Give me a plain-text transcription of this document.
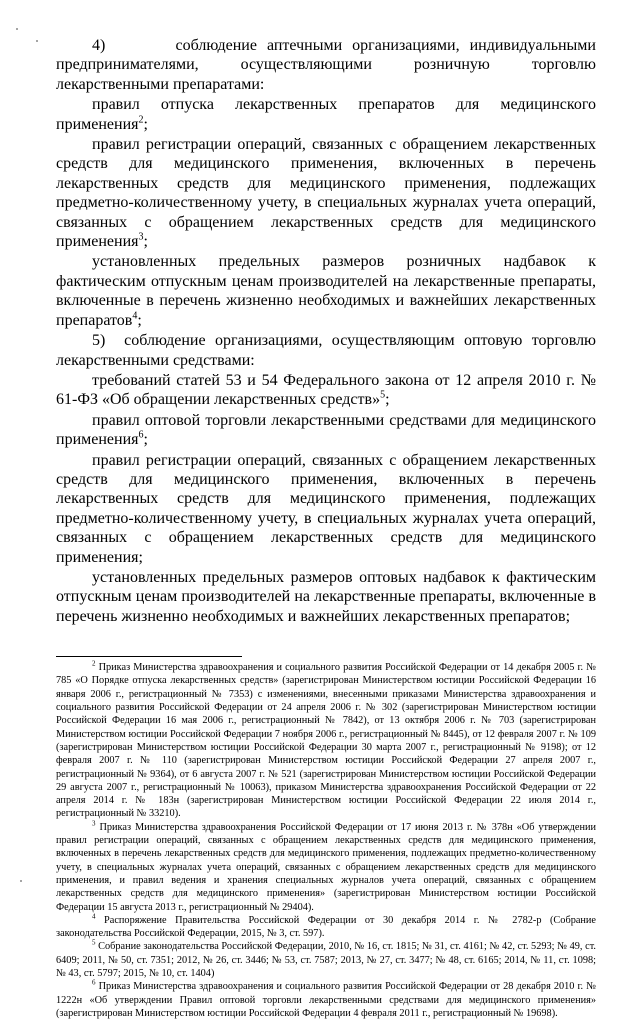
4)       соблюдение аптечными организациями, индивидуальными предпринимателями, осуществляющими розничную торговлю лекарственными препаратами:

правил отпуска лекарственных препаратов для медицинского применения$^2$;

правил регистрации операций, связанных с обращением лекарственных средств для медицинского применения, включенных в перечень лекарственных средств для медицинского применения, подлежащих предметно-количественному учету, в специальных журналах учета операций, связанных с обращением лекарственных средств для медицинского применения$^3$;

установленных предельных размеров розничных надбавок к фактическим отпускным ценам производителей на лекарственные препараты, включенные в перечень жизненно необходимых и важнейших лекарственных препаратов$^4$;

5)  соблюдение организациями, осуществляющим оптовую торговлю лекарственными средствами:

требований статей 53 и 54 Федерального закона от 12 апреля 2010 г. № 61-ФЗ «Об обращении лекарственных средств»$^5$;

правил оптовой торговли лекарственными средствами для медицинского применения$^6$;

правил регистрации операций, связанных с обращением лекарственных средств для медицинского применения, включенных в перечень лекарственных средств для медицинского применения, подлежащих предметно-количественному учету, в специальных журналах учета операций, связанных с обращением лекарственных средств для медицинского применения;

установленных предельных размеров оптовых надбавок к фактическим отпускным ценам производителей на лекарственные препараты, включенные в перечень жизненно необходимых и важнейших лекарственных препаратов;

$^2$ Приказ Министерства здравоохранения и социального развития Российской Федерации от 14 декабря 2005 г. № 785 «О Порядке отпуска лекарственных средств» (зарегистрирован Министерством юстиции Российской Федерации 16 января 2006 г., регистрационный № 7353) с изменениями, внесенными приказами Министерства здравоохранения и социального развития Российской Федерации от 24 апреля 2006 г. № 302 (зарегистрирован Министерством юстиции Российской Федерации 16 мая 2006 г., регистрационный № 7842), от 13 октября 2006 г. № 703 (зарегистрирован Министерством юстиции Российской Федерации 7 ноября 2006 г., регистрационный № 8445), от 12 февраля 2007 г. № 109 (зарегистрирован Министерством юстиции Российской Федерации 30 марта 2007 г., регистрационный № 9198); от 12 февраля 2007 г. № 110 (зарегистрирован Министерством юстиции Российской Федерации 27 апреля 2007 г., регистрационный № 9364), от 6 августа 2007 г. № 521 (зарегистрирован Министерством юстиции Российской Федерации 29 августа 2007 г., регистрационный № 10063), приказом Министерства здравоохранения Российской Федерации от 22 апреля 2014 г. № 183н (зарегистрирован Министерством юстиции Российской Федерации 22 июля 2014 г., регистрационный № 33210).

$^3$ Приказ Министерства здравоохранения Российской Федерации от 17 июня 2013 г. № 378н «Об утверждении правил регистрации операций, связанных с обращением лекарственных средств для медицинского применения, включенных в перечень лекарственных средств для медицинского применения, подлежащих предметно-количественному учету, в специальных журналах учета операций, связанных с обращением лекарственных средств для медицинского применения, и правил ведения и хранения специальных журналов учета операций, связанных с обращением лекарственных средств для медицинского применения» (зарегистрирован Министерством юстиции Российской Федерации 15 августа 2013 г., регистрационный № 29404).

$^4$ Распоряжение Правительства Российской Федерации от 30 декабря 2014 г. № 2782-р (Собрание законодательства Российской Федерации, 2015, № 3, ст. 597).

$^5$ Собрание законодательства Российской Федерации, 2010, № 16, ст. 1815; № 31, ст. 4161; № 42, ст. 5293; № 49, ст. 6409; 2011, № 50, ст. 7351; 2012, № 26, ст. 3446; № 53, ст. 7587; 2013, № 27, ст. 3477; № 48, ст. 6165; 2014, № 11, ст. 1098; № 43, ст. 5797; 2015, № 10, ст. 1404)

$^6$ Приказ Министерства здравоохранения и социального развития Российской Федерации от 28 декабря 2010 г. № 1222н «Об утверждении Правил оптовой торговли лекарственными средствами для медицинского применения» (зарегистрирован Министерством юстиции Российской Федерации 4 февраля 2011 г., регистрационный № 19698).
